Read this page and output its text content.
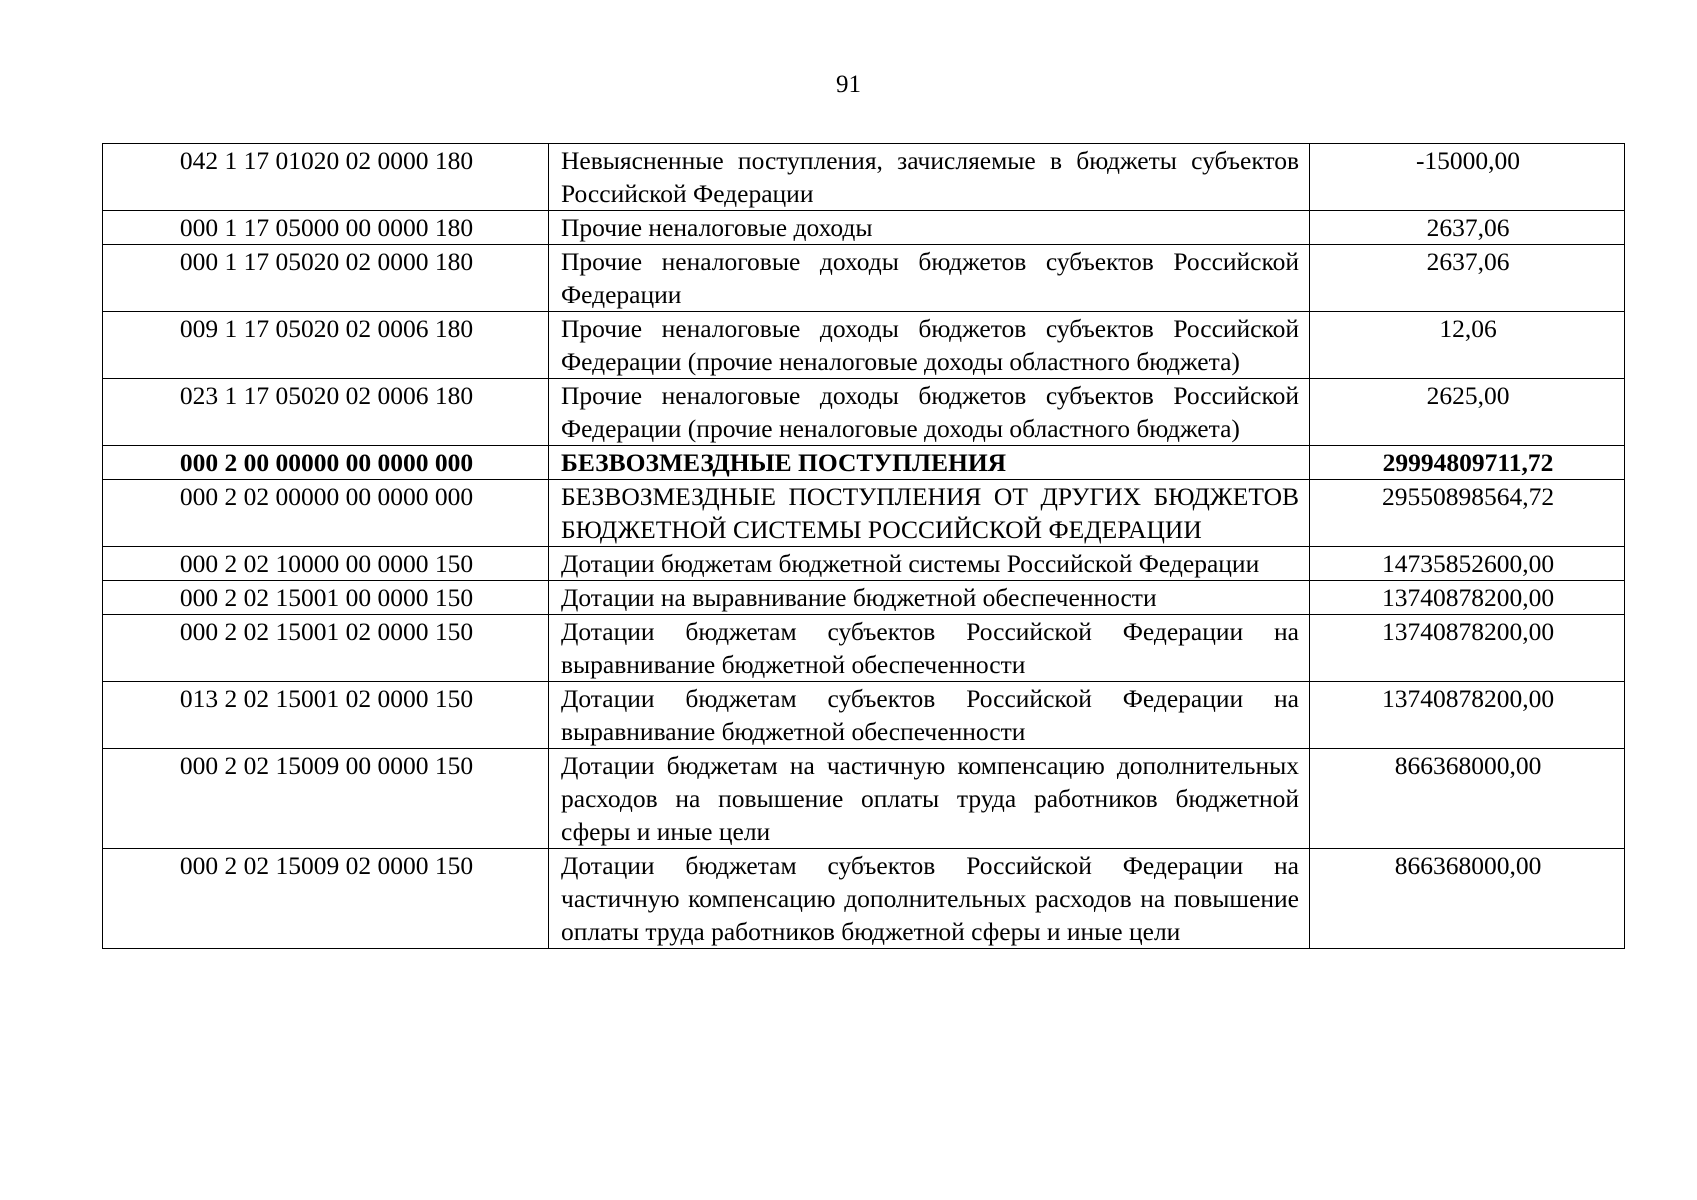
91
042 1 17 01020 02 0000 180	Невыясненные поступления, зачисляемые в бюджеты субъектов Российской Федерации	-15000,00
000 1 17 05000 00 0000 180	Прочие неналоговые доходы	2637,06
000 1 17 05020 02 0000 180	Прочие неналоговые доходы бюджетов субъектов Российской Федерации	2637,06
009 1 17 05020 02 0006 180	Прочие неналоговые доходы бюджетов субъектов Российской Федерации (прочие неналоговые доходы областного бюджета)	12,06
023 1 17 05020 02 0006 180	Прочие неналоговые доходы бюджетов субъектов Российской Федерации (прочие неналоговые доходы областного бюджета)	2625,00
000 2 00 00000 00 0000 000	БЕЗВОЗМЕЗДНЫЕ ПОСТУПЛЕНИЯ	29994809711,72
000 2 02 00000 00 0000 000	БЕЗВОЗМЕЗДНЫЕ ПОСТУПЛЕНИЯ ОТ ДРУГИХ БЮДЖЕТОВ БЮДЖЕТНОЙ СИСТЕМЫ РОССИЙСКОЙ ФЕДЕРАЦИИ	29550898564,72
000 2 02 10000 00 0000 150	Дотации бюджетам бюджетной системы Российской Федерации	14735852600,00
000 2 02 15001 00 0000 150	Дотации на выравнивание бюджетной обеспеченности	13740878200,00
000 2 02 15001 02 0000 150	Дотации бюджетам субъектов Российской Федерации на выравнивание бюджетной обеспеченности	13740878200,00
013 2 02 15001 02 0000 150	Дотации бюджетам субъектов Российской Федерации на выравнивание бюджетной обеспеченности	13740878200,00
000 2 02 15009 00 0000 150	Дотации бюджетам на частичную компенсацию дополнительных расходов на повышение оплаты труда работников бюджетной сферы и иные цели	866368000,00
000 2 02 15009 02 0000 150	Дотации бюджетам субъектов Российской Федерации на частичную компенсацию дополнительных расходов на повышение оплаты труда работников бюджетной сферы и иные цели	866368000,00
